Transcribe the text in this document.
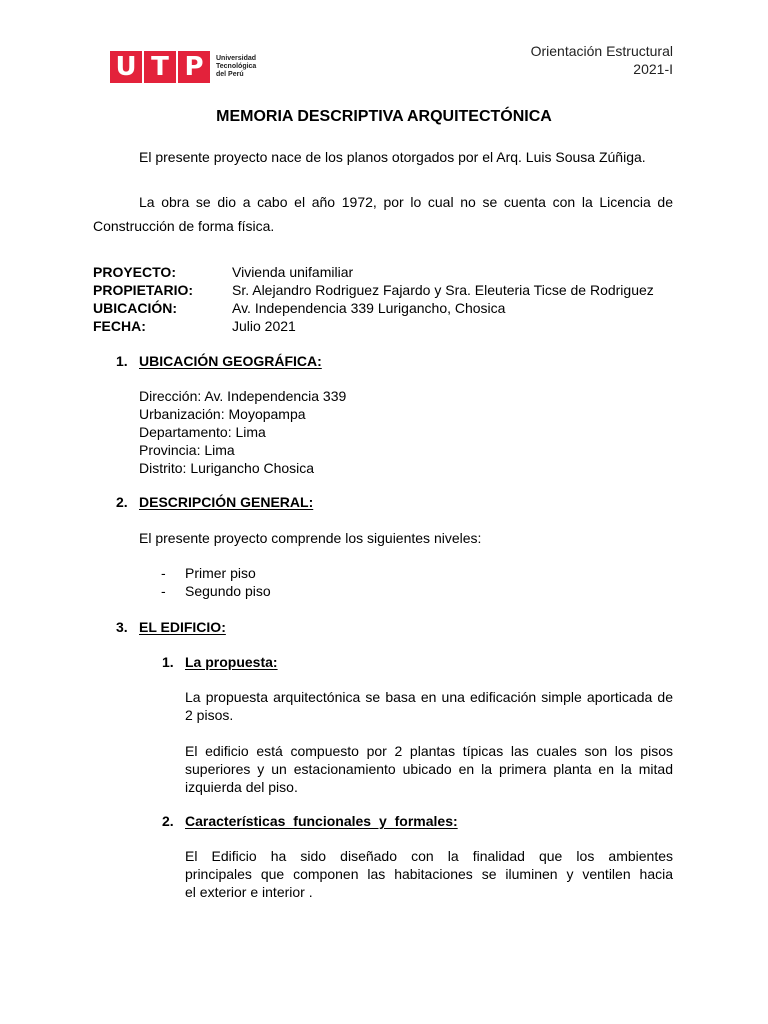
U T P	Universidad
Tecnológica
del Perú
Orientación Estructural
2021-I
MEMORIA DESCRIPTIVA ARQUITECTÓNICA
El presente proyecto nace de los planos otorgados por el Arq. Luis Sousa Zúñiga.
La obra se dio a cabo el año 1972, por lo cual no se cuenta con la Licencia de
Construcción de forma física.
PROYECTO:	Vivienda unifamiliar
PROPIETARIO:	Sr. Alejandro Rodriguez Fajardo y Sra. Eleuteria Ticse de Rodriguez
UBICACIÓN:	Av. Independencia 339 Lurigancho, Chosica
FECHA:	Julio 2021
1. UBICACIÓN GEOGRÁFICA:
Dirección: Av. Independencia 339
Urbanización: Moyopampa
Departamento: Lima
Provincia: Lima
Distrito: Lurigancho Chosica
2. DESCRIPCIÓN GENERAL:
El presente proyecto comprende los siguientes niveles:
- Primer piso
- Segundo piso
3. EL EDIFICIO:
1. La propuesta:
La propuesta arquitectónica se basa en una edificación simple aporticada de
2 pisos.
El edificio está compuesto por 2 plantas típicas las cuales son los pisos
superiores y un estacionamiento ubicado en la primera planta en la mitad
izquierda del piso.
2. Características funcionales y formales:
El Edificio ha sido diseñado con la finalidad que los ambientes
principales que componen las habitaciones se iluminen y ventilen hacia
el exterior e interior .
